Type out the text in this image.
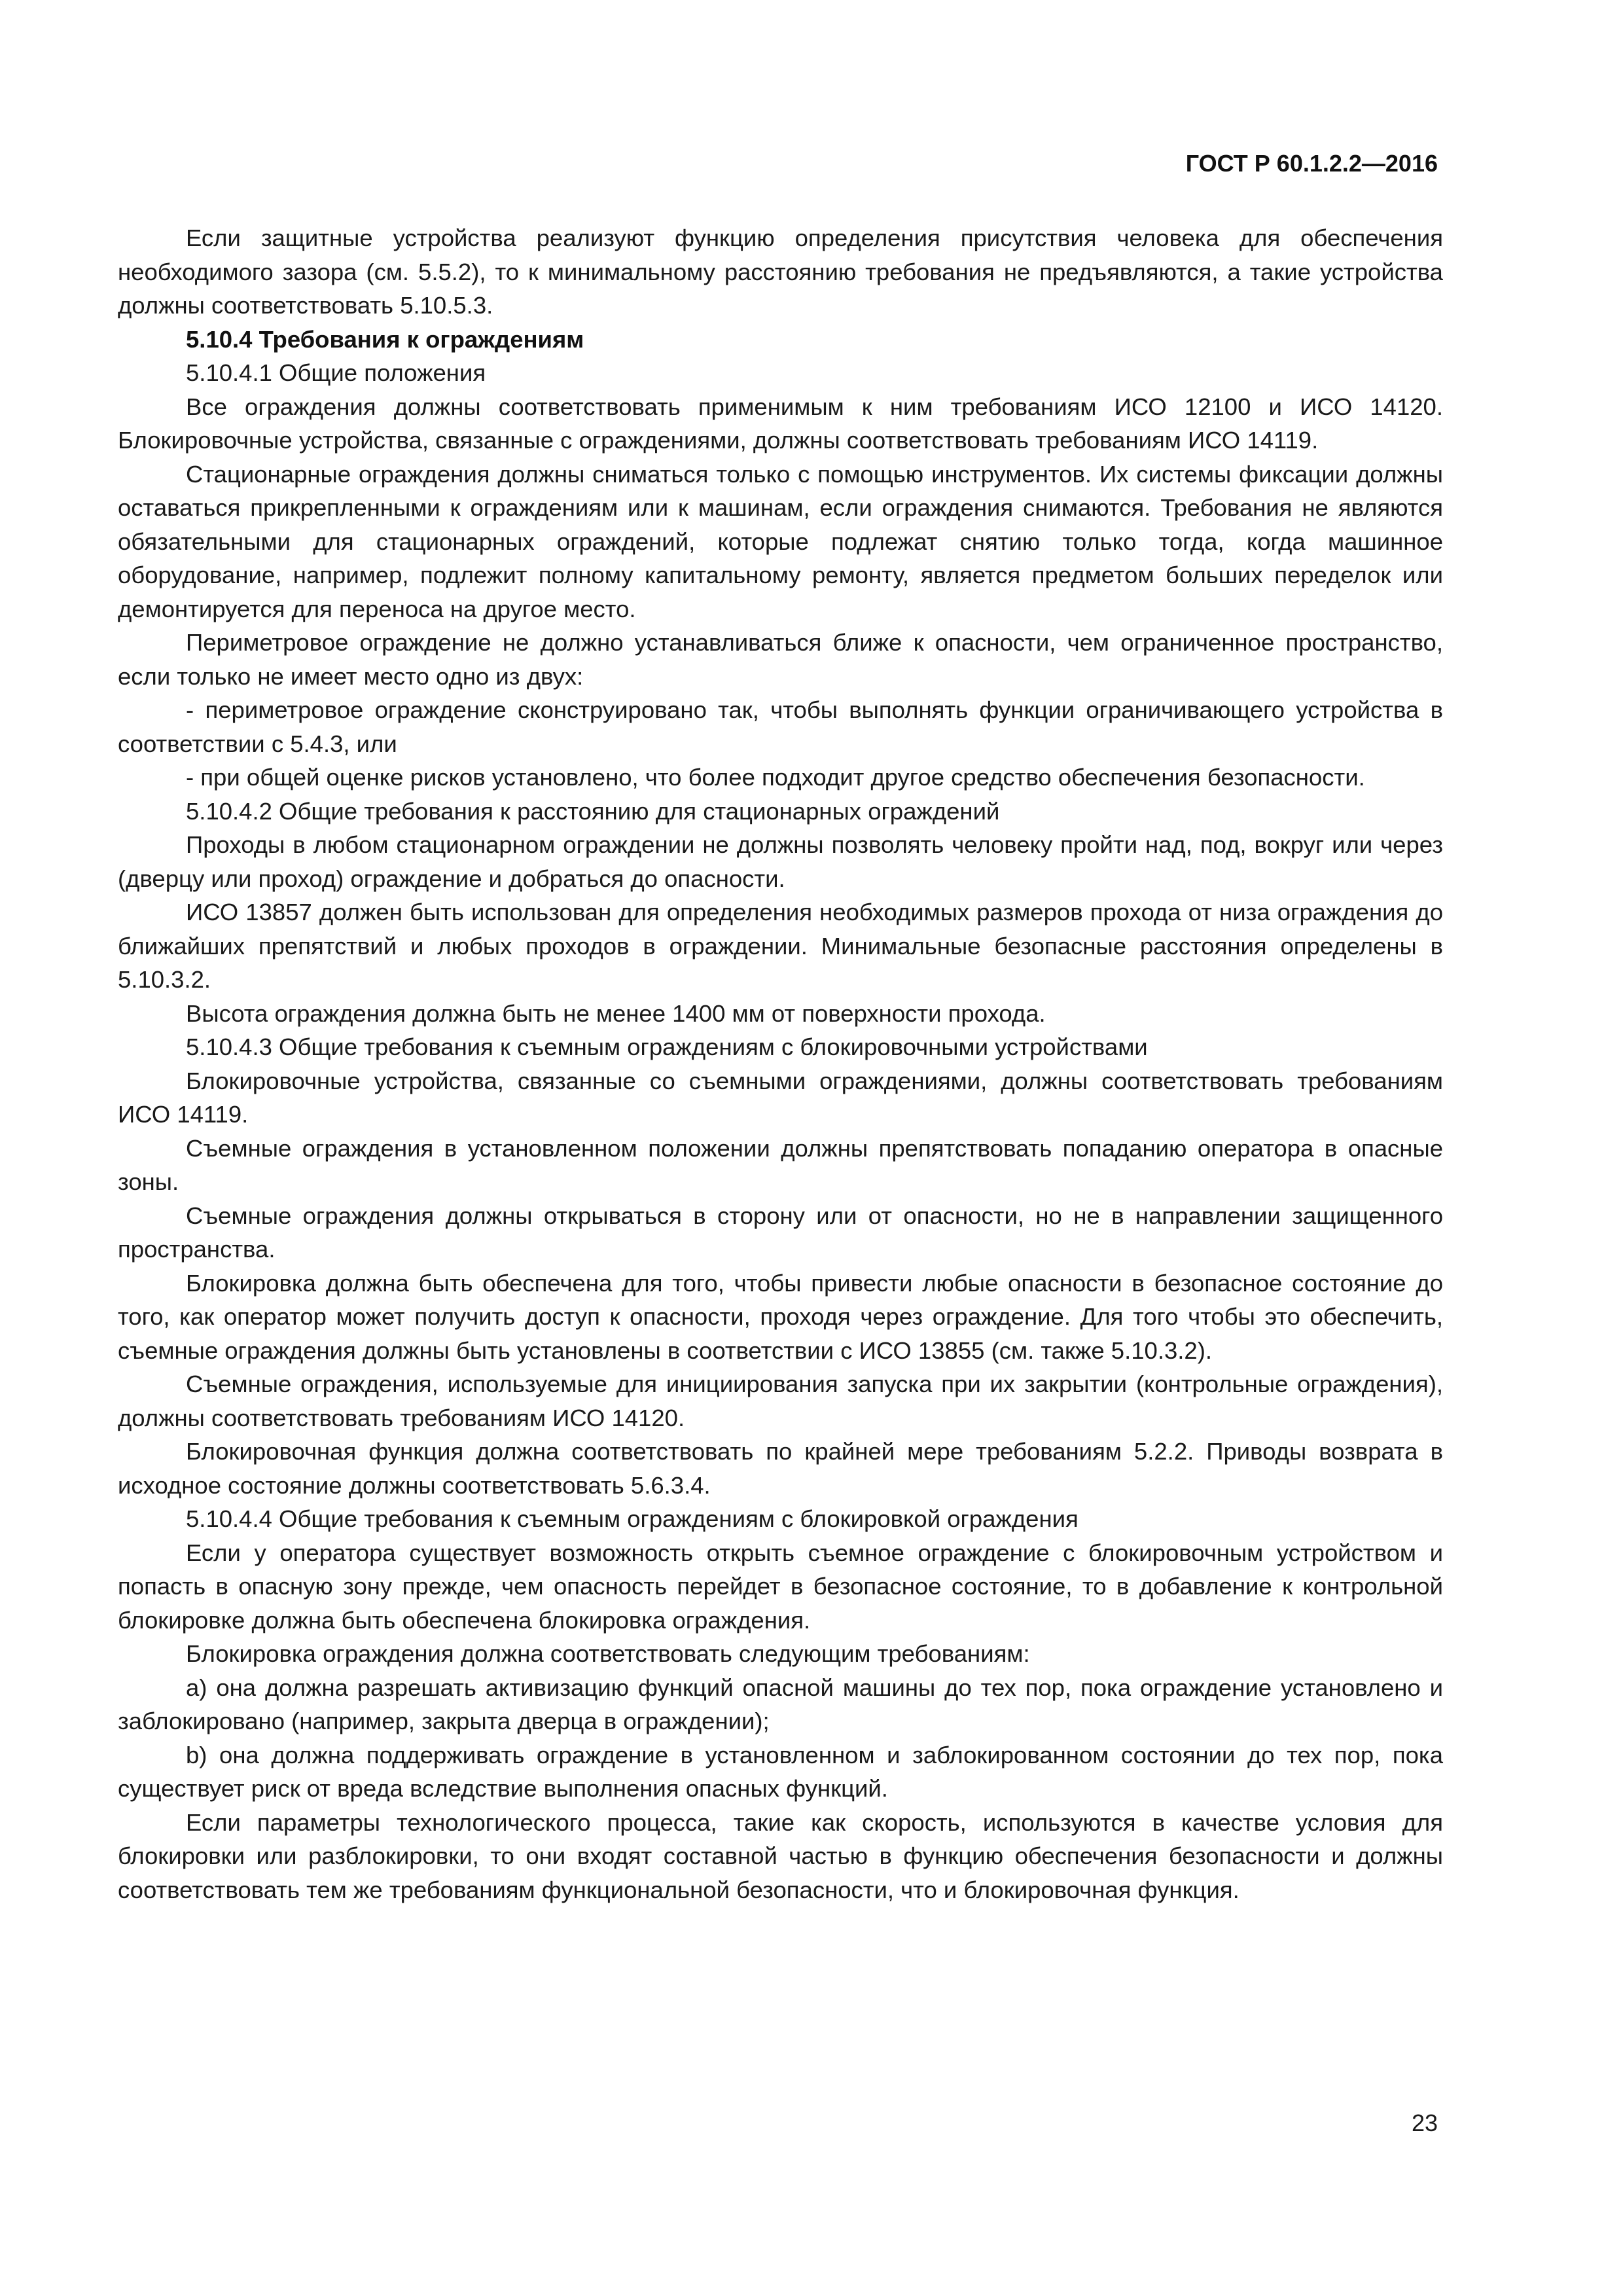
ГОСТ Р 60.1.2.2—2016

Если защитные устройства реализуют функцию определения присутствия человека для обеспечения необходимого зазора (см. 5.5.2), то к минимальному расстоянию требования не предъявляются, а такие устройства должны соответствовать 5.10.5.3.

5.10.4 Требования к ограждениям

5.10.4.1 Общие положения

Все ограждения должны соответствовать применимым к ним требованиям ИСО 12100 и ИСО 14120. Блокировочные устройства, связанные с ограждениями, должны соответствовать требованиям ИСО 14119.

Стационарные ограждения должны сниматься только с помощью инструментов. Их системы фиксации должны оставаться прикрепленными к ограждениям или к машинам, если ограждения снимаются. Требования не являются обязательными для стационарных ограждений, которые подлежат снятию только тогда, когда машинное оборудование, например, подлежит полному капитальному ремонту, является предметом больших переделок или демонтируется для переноса на другое место.

Периметровое ограждение не должно устанавливаться ближе к опасности, чем ограниченное пространство, если только не имеет место одно из двух:

- периметровое ограждение сконструировано так, чтобы выполнять функции ограничивающего устройства в соответствии с 5.4.3, или

- при общей оценке рисков установлено, что более подходит другое средство обеспечения безопасности.

5.10.4.2 Общие требования к расстоянию для стационарных ограждений

Проходы в любом стационарном ограждении не должны позволять человеку пройти над, под, вокруг или через (дверцу или проход) ограждение и добраться до опасности.

ИСО 13857 должен быть использован для определения необходимых размеров прохода от низа ограждения до ближайших препятствий и любых проходов в ограждении. Минимальные безопасные расстояния определены в 5.10.3.2.

Высота ограждения должна быть не менее 1400 мм от поверхности прохода.

5.10.4.3 Общие требования к съемным ограждениям с блокировочными устройствами

Блокировочные устройства, связанные со съемными ограждениями, должны соответствовать требованиям ИСО 14119.

Съемные ограждения в установленном положении должны препятствовать попаданию оператора в опасные зоны.

Съемные ограждения должны открываться в сторону или от опасности, но не в направлении защищенного пространства.

Блокировка должна быть обеспечена для того, чтобы привести любые опасности в безопасное состояние до того, как оператор может получить доступ к опасности, проходя через ограждение. Для того чтобы это обеспечить, съемные ограждения должны быть установлены в соответствии с ИСО 13855 (см. также 5.10.3.2).

Съемные ограждения, используемые для инициирования запуска при их закрытии (контрольные ограждения), должны соответствовать требованиям ИСО 14120.

Блокировочная функция должна соответствовать по крайней мере требованиям 5.2.2. Приводы возврата в исходное состояние должны соответствовать 5.6.3.4.

5.10.4.4 Общие требования к съемным ограждениям с блокировкой ограждения

Если у оператора существует возможность открыть съемное ограждение с блокировочным устройством и попасть в опасную зону прежде, чем опасность перейдет в безопасное состояние, то в добавление к контрольной блокировке должна быть обеспечена блокировка ограждения.

Блокировка ограждения должна соответствовать следующим требованиям:

a) она должна разрешать активизацию функций опасной машины до тех пор, пока ограждение установлено и заблокировано (например, закрыта дверца в ограждении);

b) она должна поддерживать ограждение в установленном и заблокированном состоянии до тех пор, пока существует риск от вреда вследствие выполнения опасных функций.

Если параметры технологического процесса, такие как скорость, используются в качестве условия для блокировки или разблокировки, то они входят составной частью в функцию обеспечения безопасности и должны соответствовать тем же требованиям функциональной безопасности, что и блокировочная функция.

23
